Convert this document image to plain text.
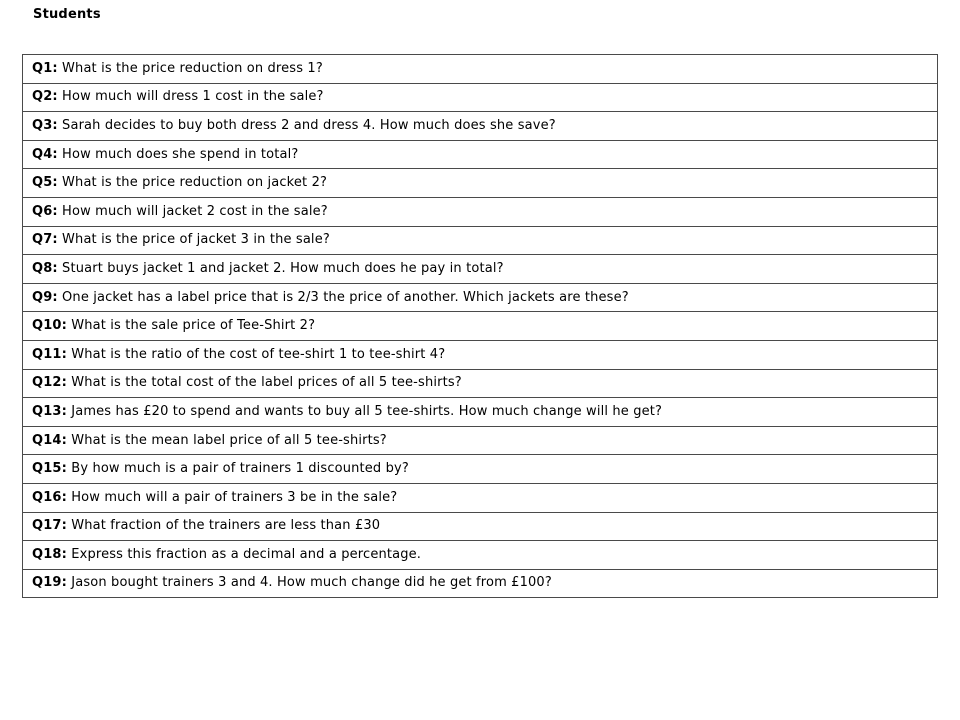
Students
Q1: What is the price reduction on dress 1?
Q2: How much will dress 1 cost in the sale?
Q3: Sarah decides to buy both dress 2 and dress 4. How much does she save?
Q4: How much does she spend in total?
Q5: What is the price reduction on jacket 2?
Q6: How much will jacket 2 cost in the sale?
Q7: What is the price of jacket 3 in the sale?
Q8: Stuart buys jacket 1 and jacket 2. How much does he pay in total?
Q9: One jacket has a label price that is 2/3 the price of another. Which jackets are these?
Q10: What is the sale price of Tee-Shirt 2?
Q11: What is the ratio of the cost of tee-shirt 1 to tee-shirt 4?
Q12: What is the total cost of the label prices of all 5 tee-shirts?
Q13: James has £20 to spend and wants to buy all 5 tee-shirts. How much change will he get?
Q14: What is the mean label price of all 5 tee-shirts?
Q15: By how much is a pair of trainers 1 discounted by?
Q16: How much will a pair of trainers 3 be in the sale?
Q17: What fraction of the trainers are less than £30
Q18: Express this fraction as a decimal and a percentage.
Q19: Jason bought trainers 3 and 4. How much change did he get from £100?
